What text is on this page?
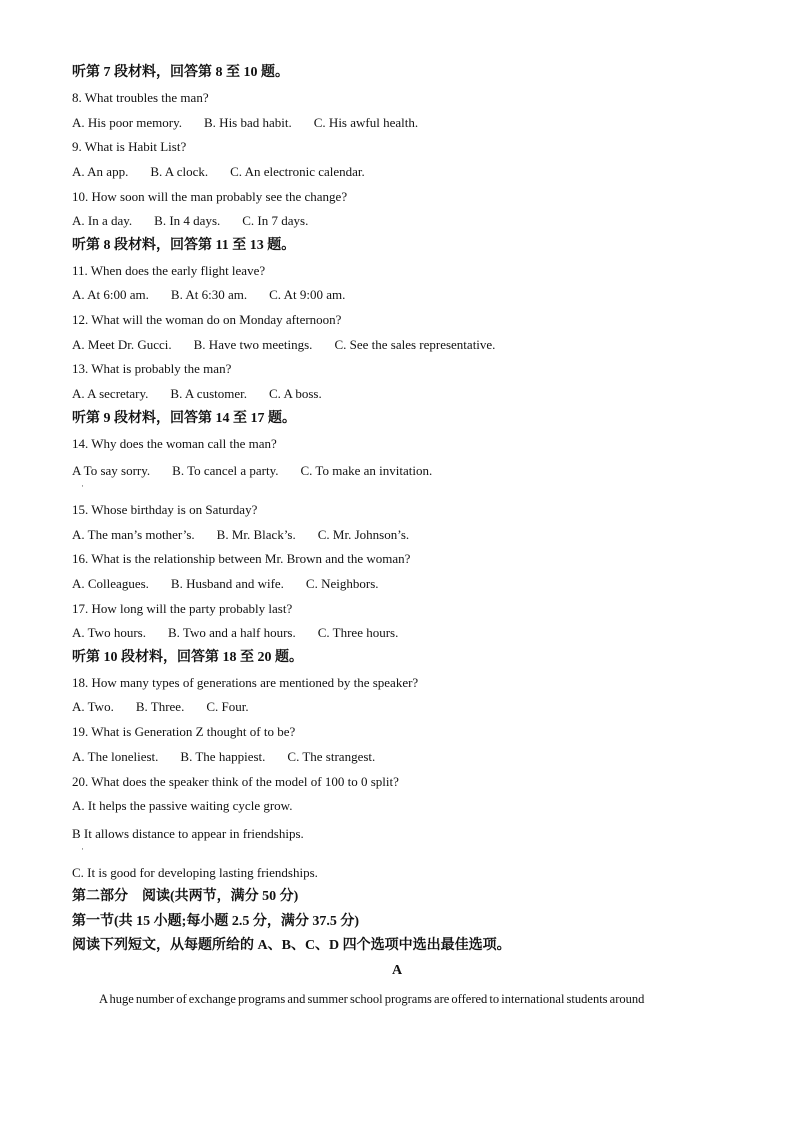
听第 7 段材料，回答第 8 至 10 题。
8. What troubles the man?
A. His poor memory. B. His bad habit. C. His awful health.
9. What is Habit List?
A. An app. B. A clock. C. An electronic calendar.
10. How soon will the man probably see the change?
A. In a day. B. In 4 days. C. In 7 days.
听第 8 段材料，回答第 11 至 13 题。
11. When does the early flight leave?
A. At 6:00 am. B. At 6:30 am. C. At 9:00 am.
12. What will the woman do on Monday afternoon?
A. Meet Dr. Gucci. B. Have two meetings. C. See the sales representative.
13. What is probably the man?
A. A secretary. B. A customer. C. A boss.
听第 9 段材料，回答第 14 至 17 题。
14. Why does the woman call the man?
A To say sorry. B. To cancel a party. C. To make an invitation.
·
15. Whose birthday is on Saturday?
A. The man’s mother’s. B. Mr. Black’s. C. Mr. Johnson’s.
16. What is the relationship between Mr. Brown and the woman?
A. Colleagues. B. Husband and wife. C. Neighbors.
17. How long will the party probably last?
A. Two hours. B. Two and a half hours. C. Three hours.
听第 10 段材料，回答第 18 至 20 题。
18. How many types of generations are mentioned by the speaker?
A. Two. B. Three. C. Four.
19. What is Generation Z thought of to be?
A. The loneliest. B. The happiest. C. The strangest.
20. What does the speaker think of the model of 100 to 0 split?
A. It helps the passive waiting cycle grow.
B It allows distance to appear in friendships.
·
C. It is good for developing lasting friendships.
第二部分　阅读(共两节，满分 50 分)
第一节(共 15 小题;每小题 2.5 分，满分 37.5 分)
阅读下列短文，从每题所给的 A、B、C、D 四个选项中选出最佳选项。
A
A huge number of exchange programs and summer school programs are offered to international students around
